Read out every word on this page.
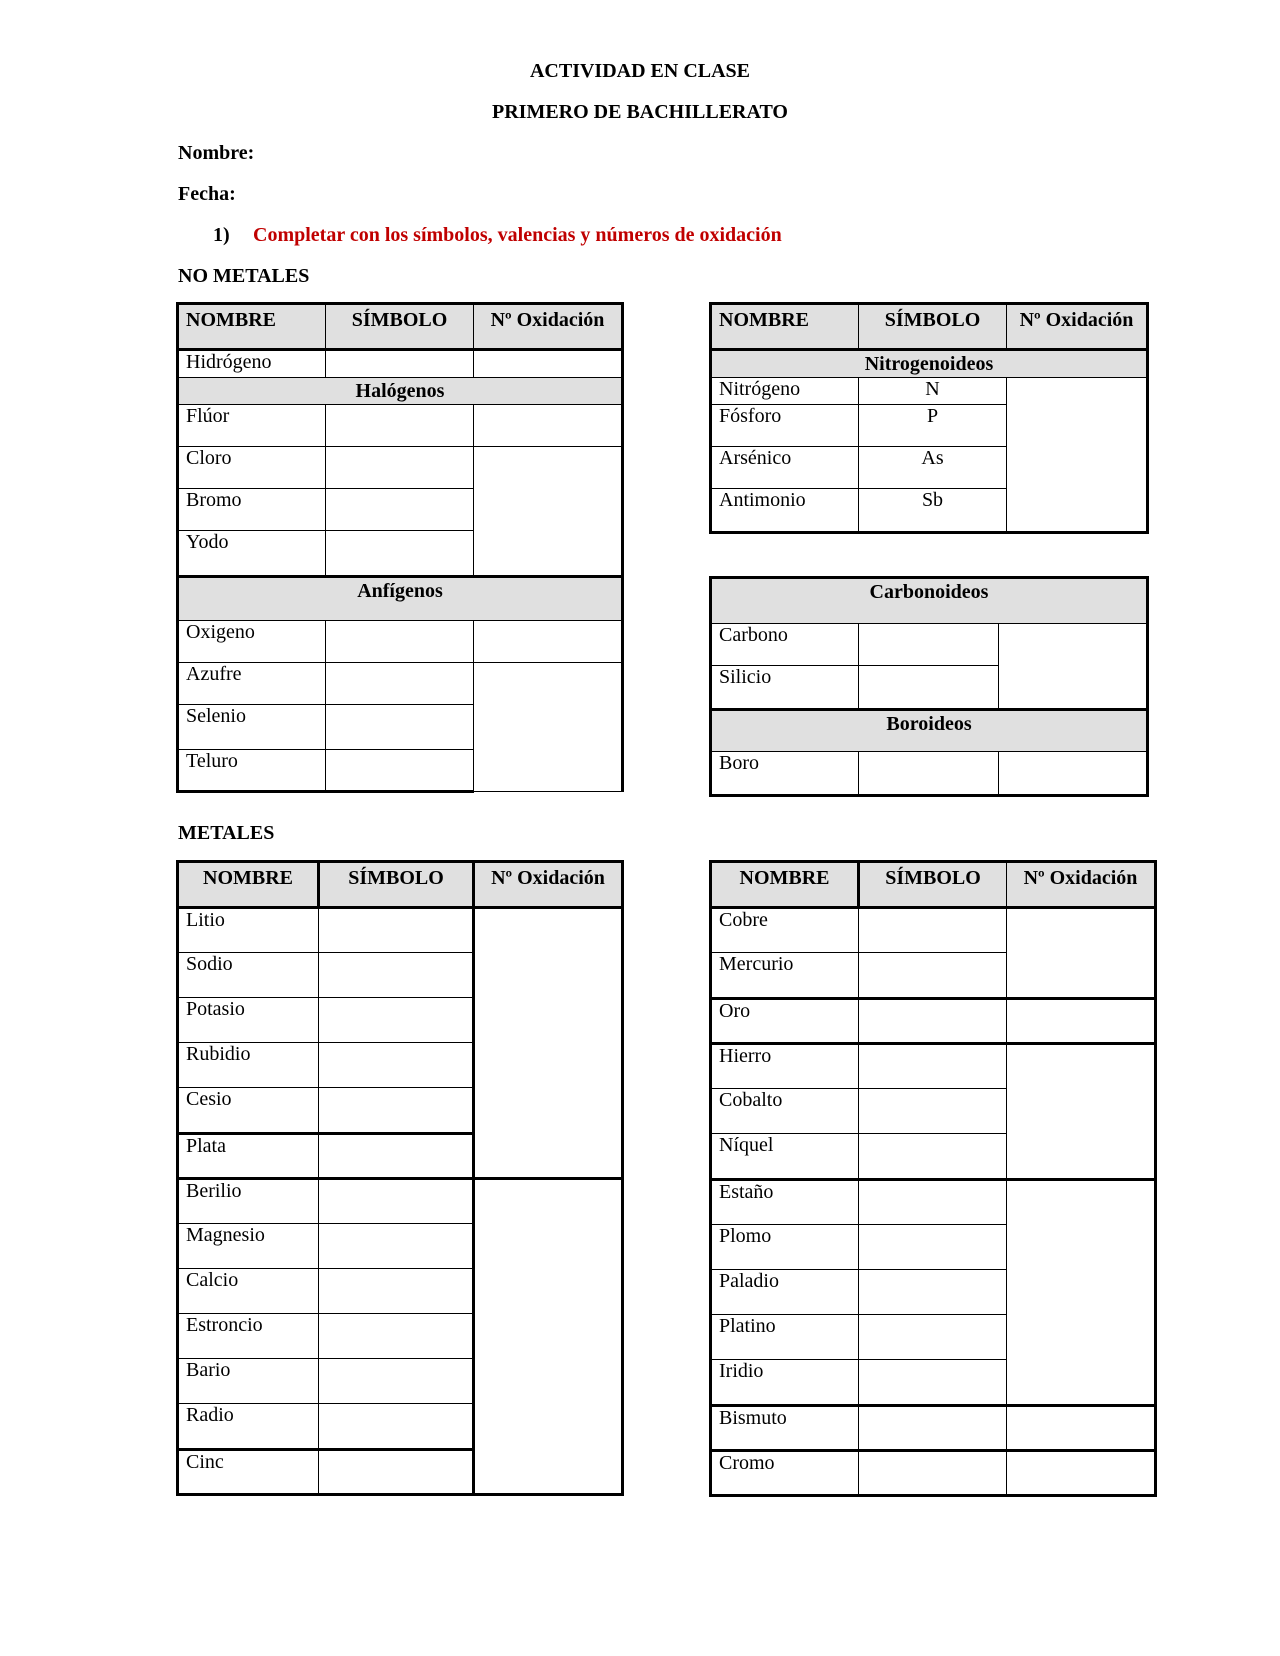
ACTIVIDAD EN CLASE
PRIMERO DE BACHILLERATO
Nombre:
Fecha:
1) Completar con los símbolos, valencias y números de oxidación
NO METALES
NOMBRE	SÍMBOLO	Nº Oxidación
Hidrógeno		
Halógenos		
Flúor		
Cloro		
Bromo		
Yodo		
Anfígenos		
Oxigeno		
Azufre		
Selenio		
Teluro		
NOMBRE	SÍMBOLO	Nº Oxidación
Nitrogenoideos		
Nitrógeno	N	
Fósforo	P	
Arsénico	As	
Antimonio	Sb	
Carbonoideos		
Carbono		
Silicio		
Boroideos		
Boro		
METALES
NOMBRE	SÍMBOLO	Nº Oxidación
Litio		
Sodio		
Potasio		
Rubidio		
Cesio		
Plata		
Berilio		
Magnesio		
Calcio		
Estroncio		
Bario		
Radio		
Cinc		
NOMBRE	SÍMBOLO	Nº Oxidación
Cobre		
Mercurio		
Oro		
Hierro		
Cobalto		
Níquel		
Estaño		
Plomo		
Paladio		
Platino		
Iridio		
Bismuto		
Cromo		
